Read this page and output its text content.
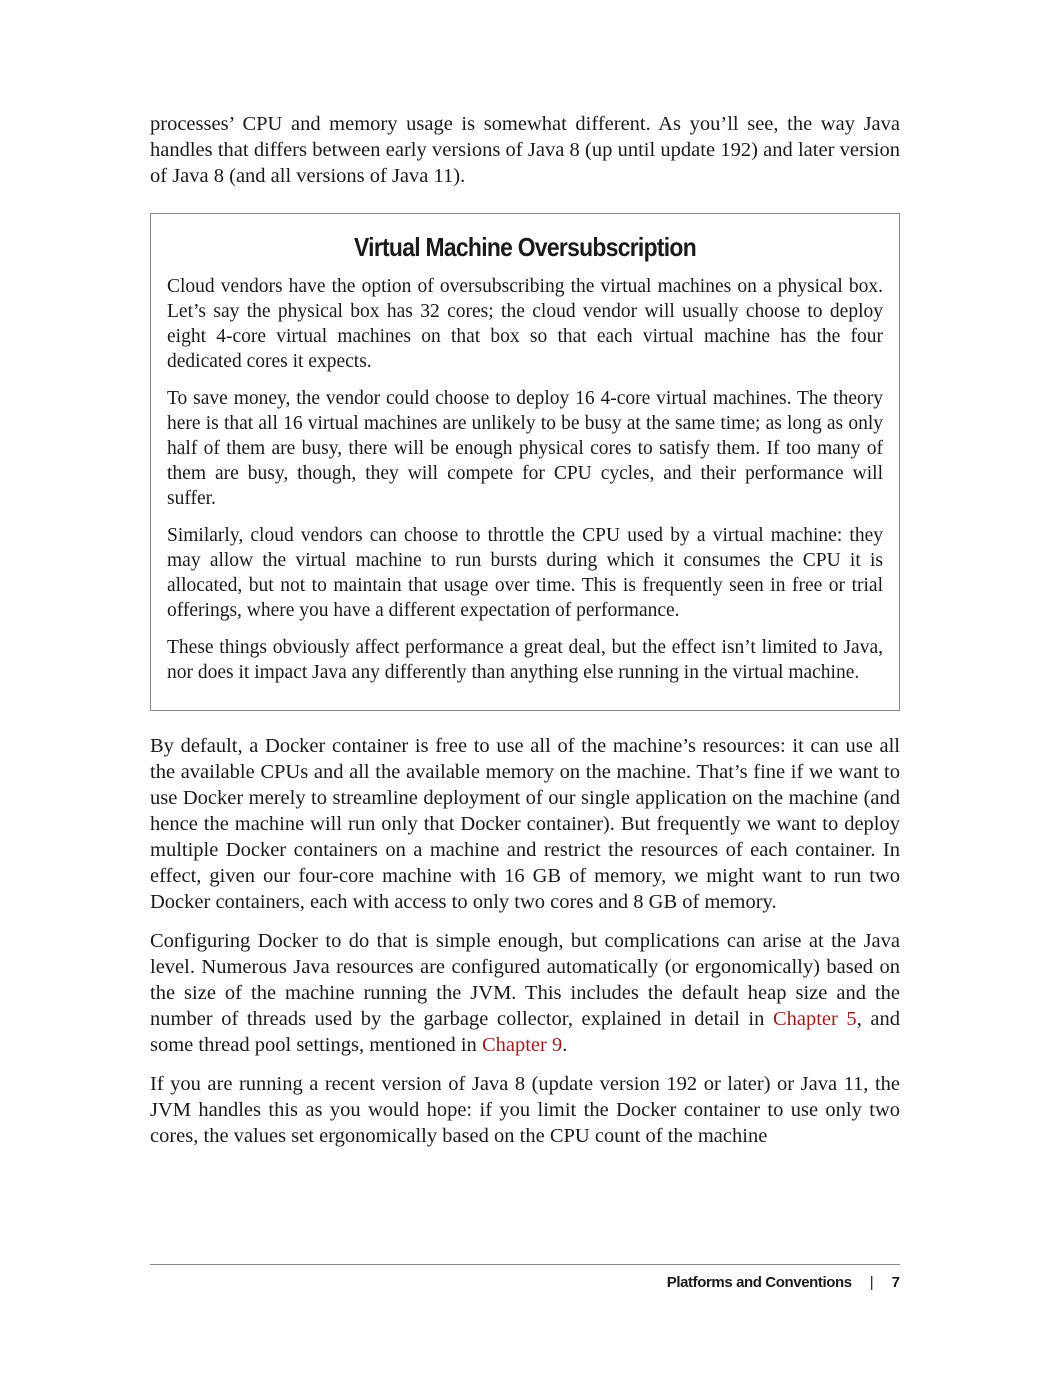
processes’ CPU and memory usage is somewhat different. As you’ll see, the way Java handles that differs between early versions of Java 8 (up until update 192) and later version of Java 8 (and all versions of Java 11).

Virtual Machine Oversubscription

Cloud vendors have the option of oversubscribing the virtual machines on a physical box. Let’s say the physical box has 32 cores; the cloud vendor will usually choose to deploy eight 4-core virtual machines on that box so that each virtual machine has the four dedicated cores it expects.

To save money, the vendor could choose to deploy 16 4-core virtual machines. The theory here is that all 16 virtual machines are unlikely to be busy at the same time; as long as only half of them are busy, there will be enough physical cores to satisfy them. If too many of them are busy, though, they will compete for CPU cycles, and their performance will suffer.

Similarly, cloud vendors can choose to throttle the CPU used by a virtual machine: they may allow the virtual machine to run bursts during which it consumes the CPU it is allocated, but not to maintain that usage over time. This is frequently seen in free or trial offerings, where you have a different expectation of performance.

These things obviously affect performance a great deal, but the effect isn’t limited to Java, nor does it impact Java any differently than anything else running in the virtual machine.

By default, a Docker container is free to use all of the machine’s resources: it can use all the available CPUs and all the available memory on the machine. That’s fine if we want to use Docker merely to streamline deployment of our single application on the machine (and hence the machine will run only that Docker container). But frequently we want to deploy multiple Docker containers on a machine and restrict the resources of each container. In effect, given our four-core machine with 16 GB of memory, we might want to run two Docker containers, each with access to only two cores and 8 GB of memory.

Configuring Docker to do that is simple enough, but complications can arise at the Java level. Numerous Java resources are configured automatically (or ergonomically) based on the size of the machine running the JVM. This includes the default heap size and the number of threads used by the garbage collector, explained in detail in Chapter 5, and some thread pool settings, mentioned in Chapter 9.

If you are running a recent version of Java 8 (update version 192 or later) or Java 11, the JVM handles this as you would hope: if you limit the Docker container to use only two cores, the values set ergonomically based on the CPU count of the machine

Platforms and Conventions | 7
